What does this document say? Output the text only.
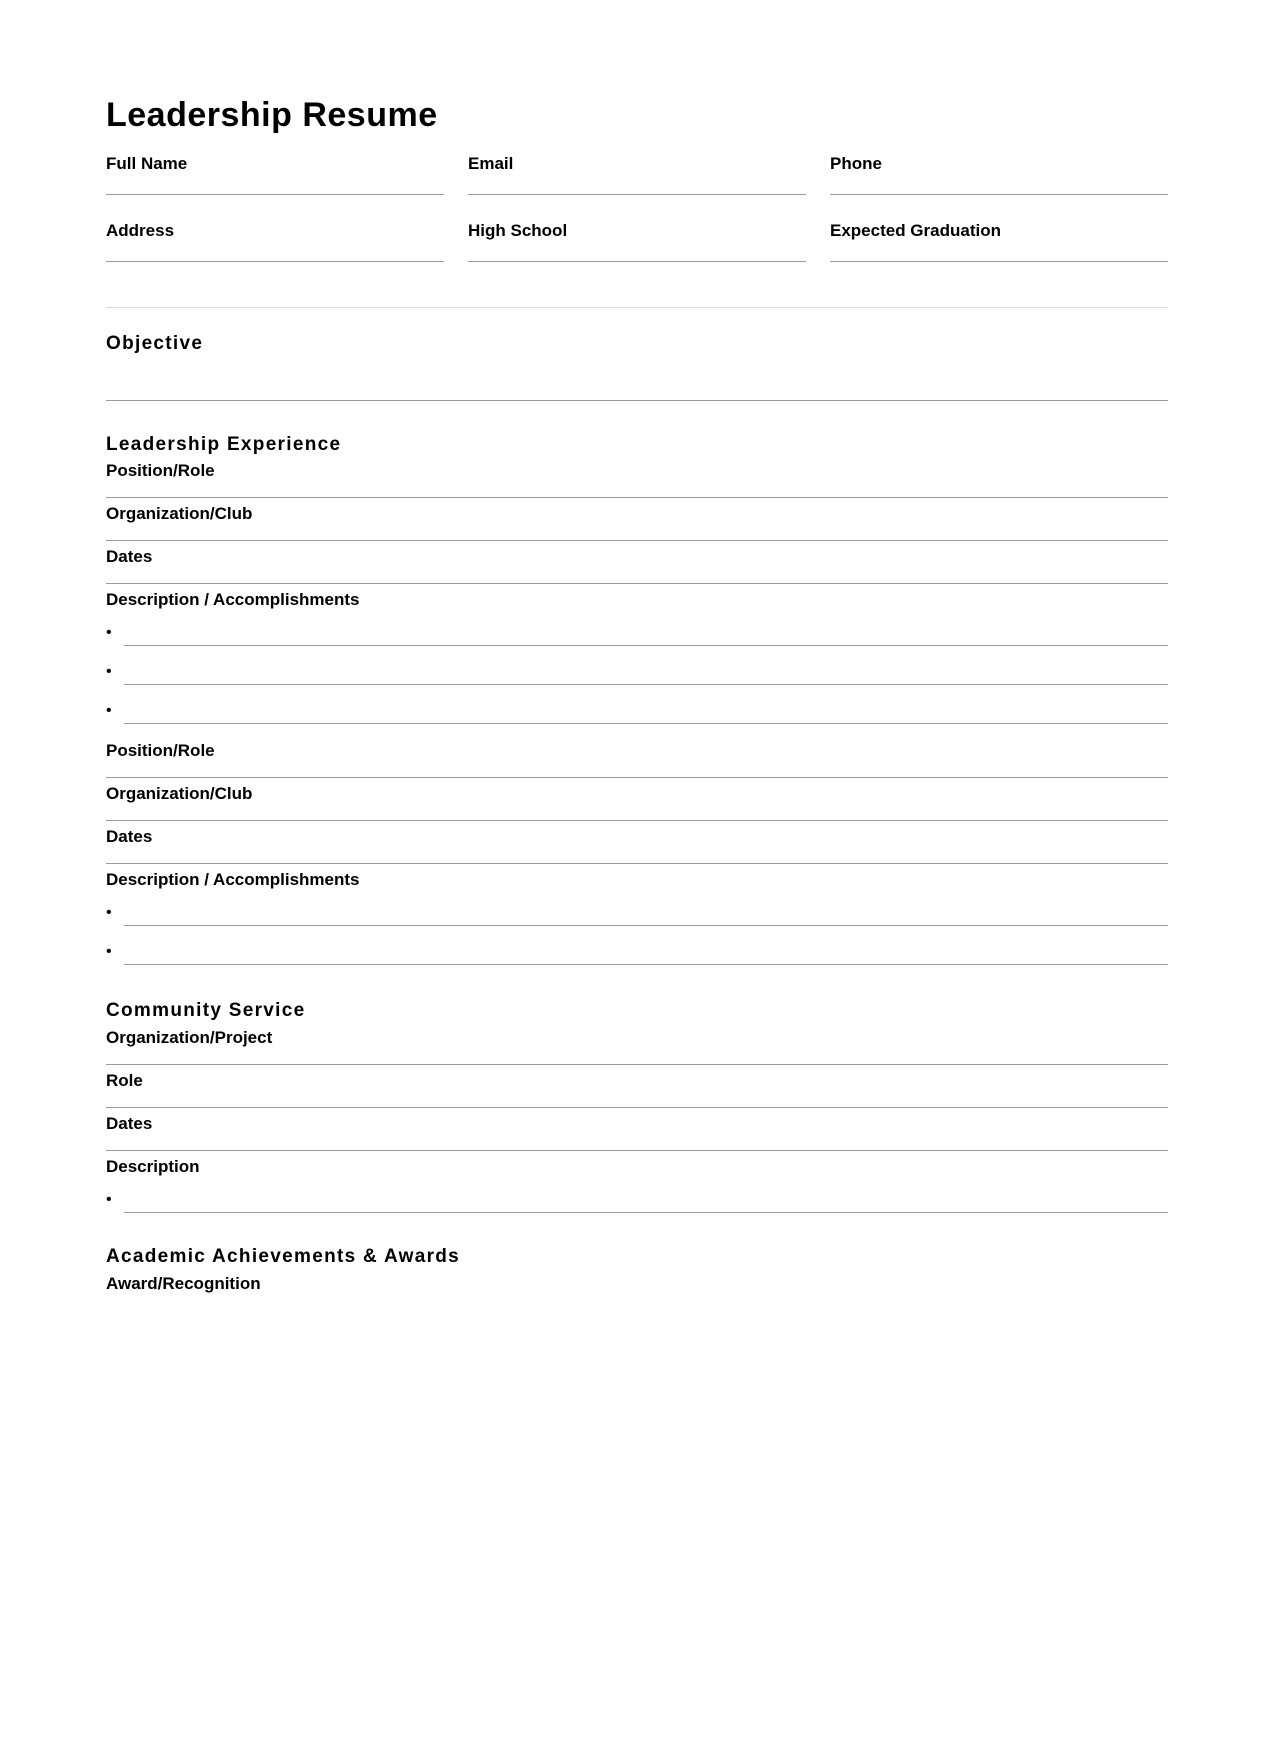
Leadership Resume
Full Name	Email	Phone
Address	High School	Expected Graduation
Objective
Leadership Experience
Position/Role
Organization/Club
Dates
Description / Accomplishments
•
•
•
Position/Role
Organization/Club
Dates
Description / Accomplishments
•
•
Community Service
Organization/Project
Role
Dates
Description
•
Academic Achievements & Awards
Award/Recognition
